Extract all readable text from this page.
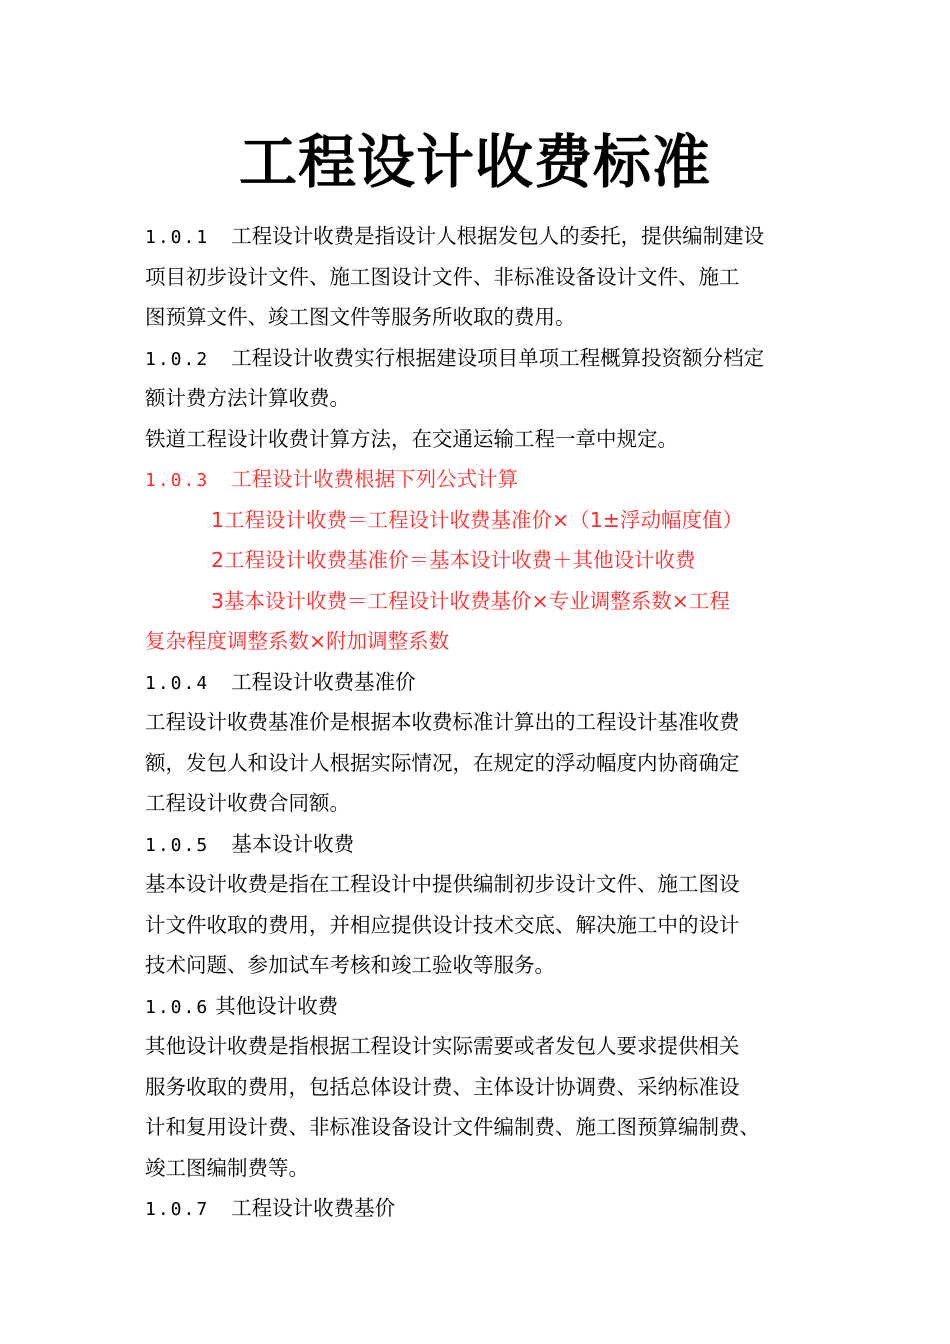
工程设计收费标准
1.0.1 工程设计收费是指设计人根据发包人的委托，提供编制建设
项目初步设计文件、施工图设计文件、非标准设备设计文件、施工
图预算文件、竣工图文件等服务所收取的费用。
1.0.2 工程设计收费实行根据建设项目单项工程概算投资额分档定
额计费方法计算收费。
铁道工程设计收费计算方法，在交通运输工程一章中规定。
1.0.3 工程设计收费根据下列公式计算
1工程设计收费＝工程设计收费基准价×（1±浮动幅度值）
2工程设计收费基准价＝基本设计收费＋其他设计收费
3基本设计收费＝工程设计收费基价×专业调整系数×工程
复杂程度调整系数×附加调整系数
1.0.4 工程设计收费基准价
工程设计收费基准价是根据本收费标准计算出的工程设计基准收费
额，发包人和设计人根据实际情况，在规定的浮动幅度内协商确定
工程设计收费合同额。
1.0.5 基本设计收费
基本设计收费是指在工程设计中提供编制初步设计文件、施工图设
计文件收取的费用，并相应提供设计技术交底、解决施工中的设计
技术问题、参加试车考核和竣工验收等服务。
1.0.6 其他设计收费
其他设计收费是指根据工程设计实际需要或者发包人要求提供相关
服务收取的费用，包括总体设计费、主体设计协调费、采纳标准设
计和复用设计费、非标准设备设计文件编制费、施工图预算编制费、
竣工图编制费等。
1.0.7 工程设计收费基价
